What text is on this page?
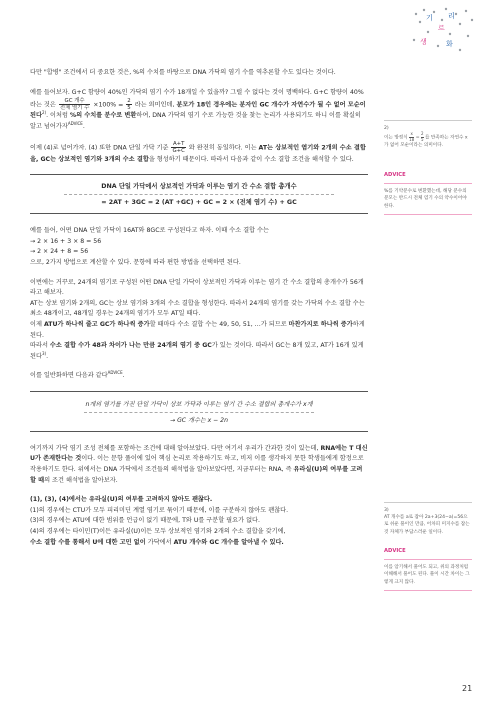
기 리
르
생	화

다만 "합병" 조건에서 더 중요한 것은, %의 수치를 바탕으로 DNA 가닥의 염기 수를 역추론할 수도 있다는 것이다.

예를 들어보자. G+C 함량이 40%인 가닥의 염기 수가 18개일 수 있을까? 그럴 수 없다는 것이 명백하다. G+C 함량이 40%라는 것은 $\frac{\text{GC 개수}}{\text{전체 염기 수}} \times 100\% = \frac{2}{5}$ 라는 의미인데, 분모가 18인 경우에는 분자인 GC 개수가 자연수가 될 수 없어 모순이 된다$^{2)}$. 이처럼 %의 수치를 분수로 변환하여, DNA 가닥의 염기 수로 가능한 것을 찾는 논리가 사용되기도 하니 이를 확실히 알고 넘어가자$^{ADVICE}$.

이제 (4)로 넘어가자. (4) 또한 DNA 단일 가닥 기준 $\frac{A+T}{G+C}$ 와 완전히 동일하다. 이는 AT는 상보적인 염기와 2개의 수소 결합을, GC는 상보적인 염기와 3개의 수소 결합을 형성하기 때문이다. 따라서 다음과 같이 수소 결합 조건을 해석할 수 있다.

DNA 단일 가닥에서 상보적인 가닥과 이루는 염기 간 수소 결합 총개수
= 2AT + 3GC = 2 (AT +GC) + GC = 2 × (전체 염기 수) + GC

예를 들어, 어떤 DNA 단일 가닥이 16AT와 8GC로 구성된다고 하자. 이때 수소 결합 수는
→ 2 × 16 + 3 × 8 = 56
→ 2 × 24 + 8 = 56
으로, 2가지 방법으로 계산할 수 있다. 문항에 따라 편한 방법을 선택하면 된다.

이번에는 거꾸로, 24개의 염기로 구성된 어떤 DNA 단일 가닥이 상보적인 가닥과 이루는 염기 간 수소 결합의 총개수가 56개라고 해보자.
AT는 상보 염기와 2개의, GC는 상보 염기와 3개의 수소 결합을 형성한다. 따라서 24개의 염기를 갖는 가닥의 수소 결합 수는 최소 48개이고, 48개일 경우는 24개의 염기가 모두 AT일 때다.
이제 ATU가 하나씩 줄고 GC가 하나씩 증가할 때마다 수소 결합 수는 49, 50, 51, …가 되므로 마찬가지로 하나씩 증가하게 된다.
따라서 수소 결합 수가 48과 차이가 나는 만큼 24개의 염기 중 GC가 있는 것이다. 따라서 GC는 8개 있고, AT가 16개 있게 된다$^{3)}$.

이를 일반화하면 다음과 같다$^{ADVICE}$.

n개의 염기를 가진 단일 가닥이 상보 가닥과 이루는 염기 간 수소 결합의 총개수가 x개
→ GC 개수는 x − 2n

여기까지 가닥 염기 조성 전체를 포함하는 조건에 대해 알아보았다. 다만 여기서 우리가 간과한 것이 있는데, RNA에는 T 대신 U가 존재한다는 것이다. 이는 문항 풀이에 있어 핵심 논리로 작용하기도 하고, 비저 이를 생각하지 못한 학생들에게 함정으로 작용하기도 한다. 위에서는 DNA 가닥에서 조건들의 해석법을 알아보았다면, 지금부터는 RNA, 즉 유라실(U)의 여부를 고려할 때의 조건 해석법을 알아보자.

(1), (3), (4)에서는 유라실(U)의 여부를 고려하지 않아도 괜찮다.
(1)의 경우에는 CTU가 모두 피리미딘 계열 염기로 묶이기 때문에, 이를 구분하지 않아도 괜찮다.
(3)의 경우에는 ATU에 대한 범위를 언급이 없기 때문에, T와 U를 구분할 필요가 없다.
(4)의 경우에는 타이민(T)이든 유라실(U)이든 모두 상보적인 염기와 2개의 수소 결합을 갖기에,
수소 결합 수를 통해서 U에 대한 고민 없이 가닥에서 ATU 개수와 GC 개수를 알아낼 수 있다.

2)
이는 방정식 $\frac{x}{18} = \frac{2}{5}$ 를 만족하는 자연수 x가 없어 모순이라는 의미이다.
ADVICE
%를 기약분수로 변환했는데, 해당 분수의 분모는 반드시 전체 염기 수의 약수이어야 한다.
3)
AT 개수를 a로 잡아 2a+3(24−a)=56으로 쉬운 풀이인 만큼, 어차피 미지수를 잡는 것 자체가 부담스러운 일이다.
ADVICE
이를 암기해서 풀어도 되고, 위의 과정처럼 이해해서 풀어도 된다. 풀이 시간 차이는 그렇게 크지 않다.
21
